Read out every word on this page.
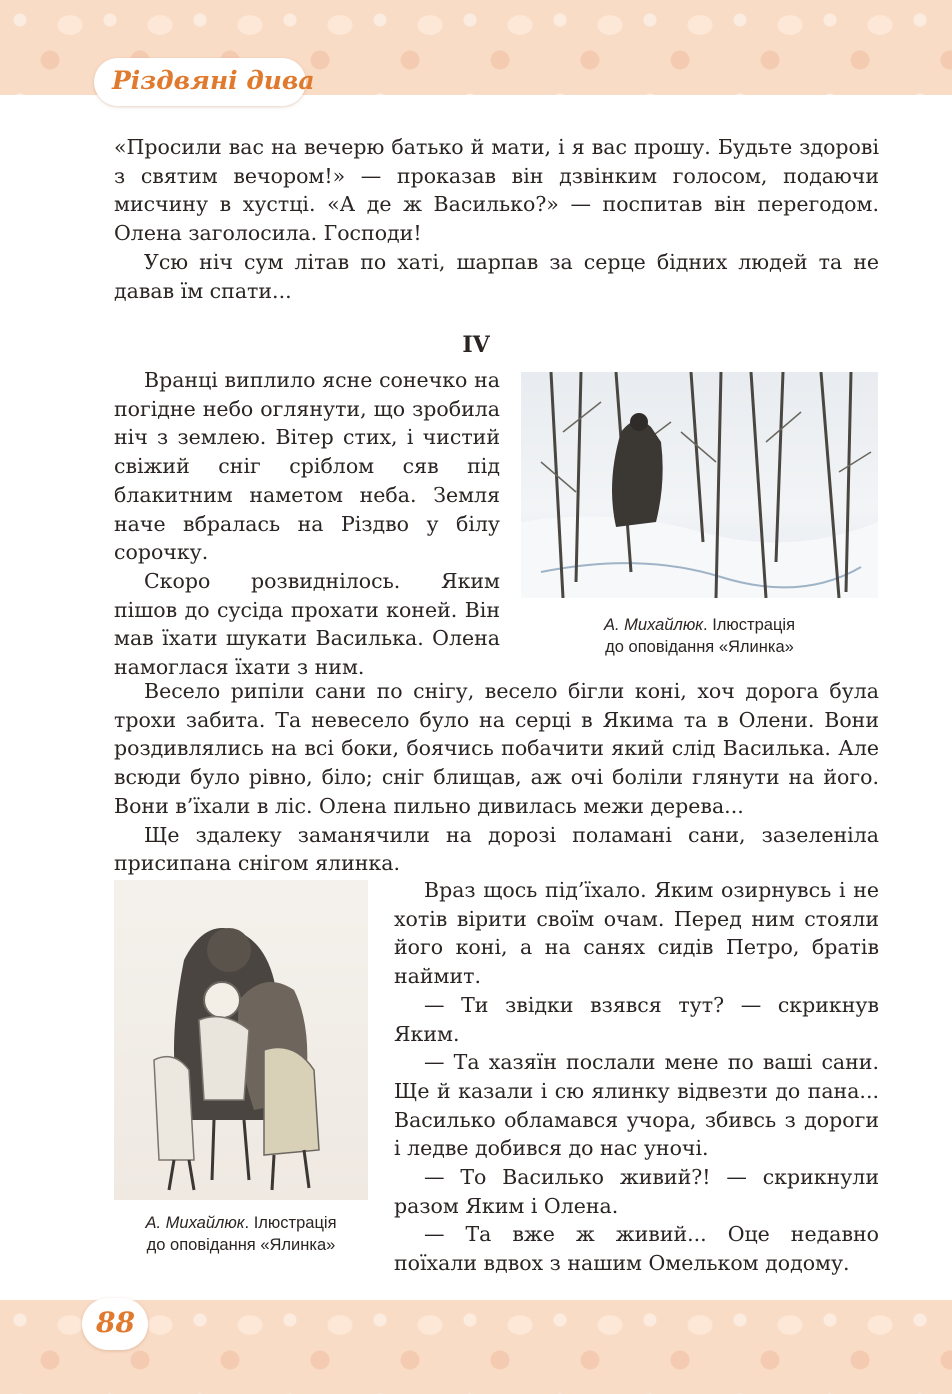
Різдвяні дива

«Просили вас на вечерю батько й мати, і я вас прошу. Будьте здорові з святим вечором!» — проказав він дзвінким голосом, подаючи мисчину в хустці. «А де ж Василько?» — поспитав він перегодом. Олена заголосила. Господи!

Усю ніч сум літав по хаті, шарпав за серце бідних людей та не давав їм спати...

IV

Вранці виплило ясне сонечко на погідне небо оглянути, що зробила ніч з землею. Вітер стих, і чистий свіжий сніг сріблом сяв під блакитним наметом неба. Земля наче вбралась на Різдво у білу сорочку.

Скоро розвиднілось. Яким пішов до сусіда прохати коней. Він мав їхати шукати Василька. Олена намоглася їхати з ним.

А. Михайлюк. Ілюстрація
до оповідання «Ялинка»

Весело рипіли сани по снігу, весело бігли коні, хоч дорога була трохи забита. Та невесело було на серці в Якима та в Олени. Вони роздивлялись на всі боки, боячись побачити який слід Василька. Але всюди було рівно, біло; сніг блищав, аж очі боліли глянути на його. Вони в’їхали в ліс. Олена пильно дивилась межи дерева...

Ще здалеку заманячили на дорозі поламані сани, зазеленіла присипана снігом ялинка.

А. Михайлюк. Ілюстрація
до оповідання «Ялинка»

Враз щось під’їхало. Яким озирнувсь і не хотів вірити своїм очам. Перед ним стояли його коні, а на санях сидів Петро, братів наймит.

— Ти звідки взявся тут? — скрикнув Яким.

— Та хазяїн послали мене по ваші сани. Ще й казали і сю ялинку відвезти до пана... Василько обламався учора, збивсь з дороги і ледве добився до нас уночі.

— То Василько живий?! — скрикнули разом Яким і Олена.

— Та вже ж живий... Оце недавно поїхали вдвох з нашим Омельком додому.

88
